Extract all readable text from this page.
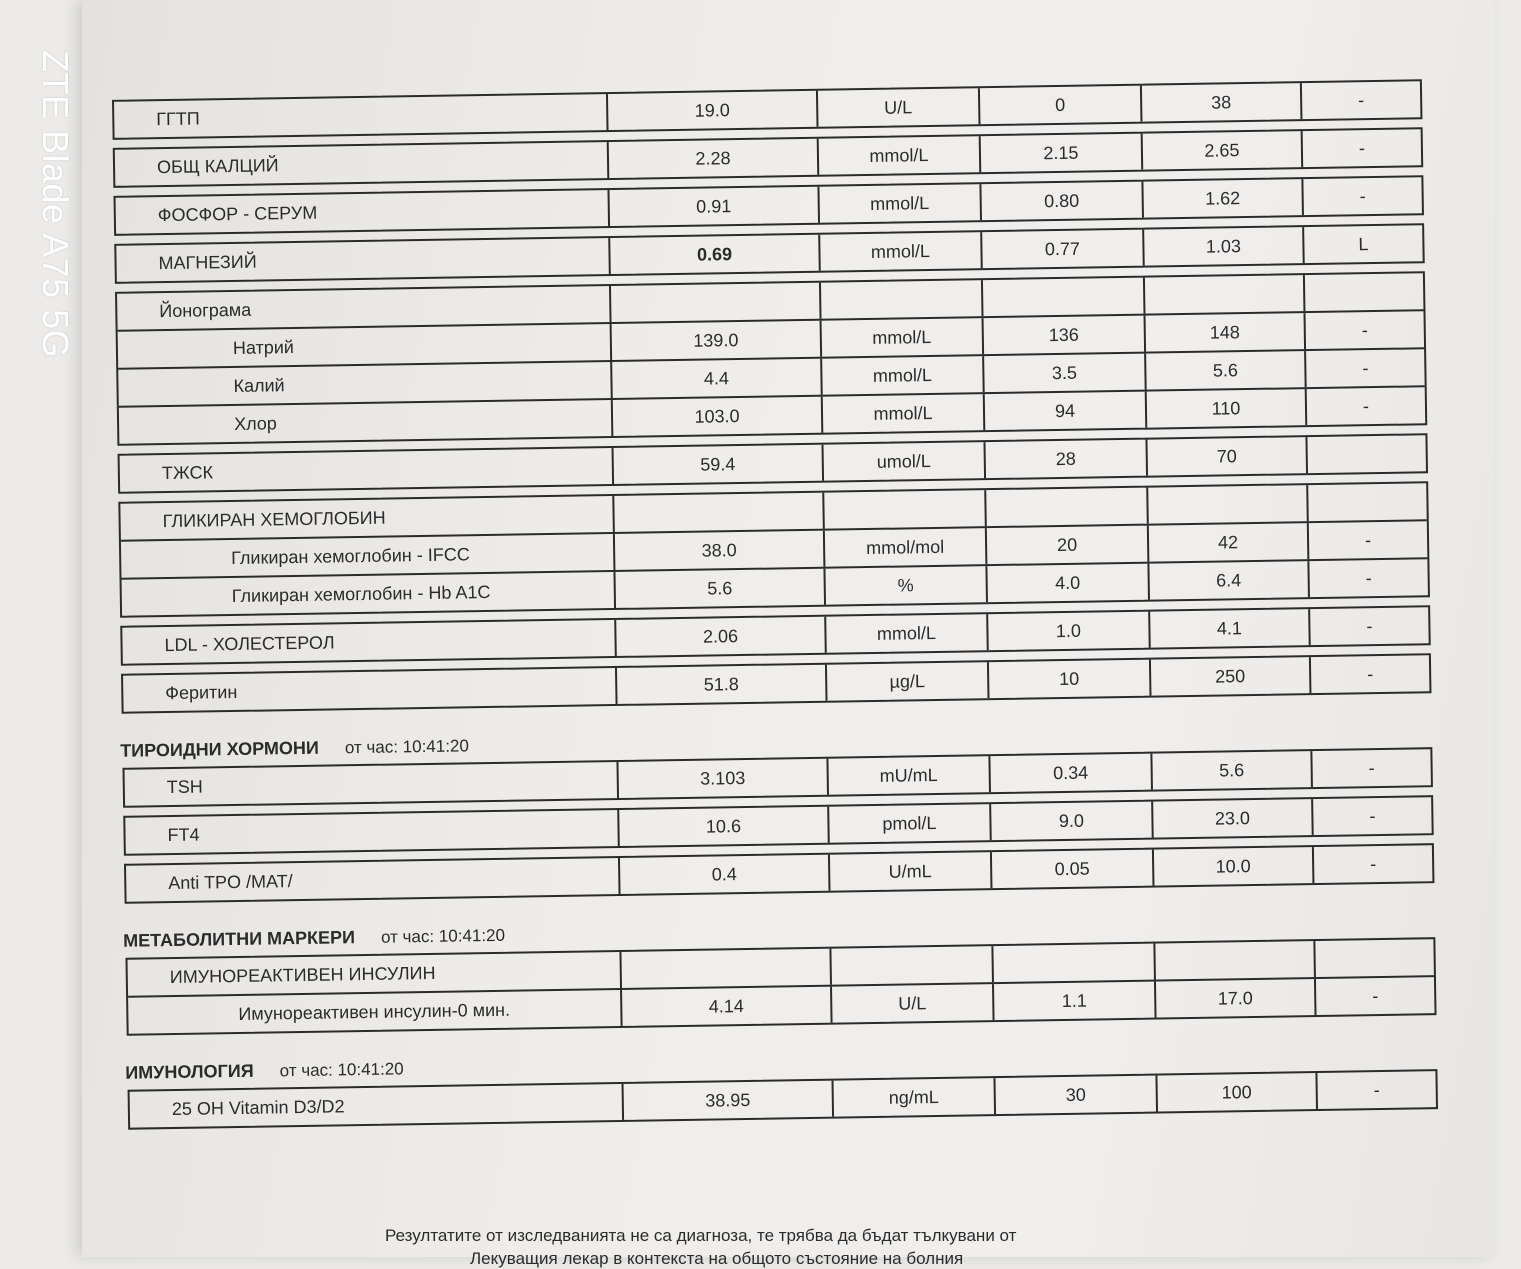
ZTE Blade A75 5G	ГГТП	19.0	U/L	0	38	-
ОБЩ КАЛЦИЙ	2.28	mmol/L	2.15	2.65	-
ФОСФОР - СЕРУМ	0.91	mmol/L	0.80	1.62	-
МАГНЕЗИЙ	0.69	mmol/L	0.77	1.03	L
Йонограма
Натрий	139.0	mmol/L	136	148	-
Калий	4.4	mmol/L	3.5	5.6	-
Хлор	103.0	mmol/L	94	110	-
ТЖСК	59.4	umol/L	28	70
ГЛИКИРАН ХЕМОГЛОБИН
Гликиран хемоглобин - IFCC	38.0	mmol/mol	20	42	-
Гликиран хемоглобин - Hb A1C	5.6	%	4.0	6.4	-
LDL - ХОЛЕСТЕРОЛ	2.06	mmol/L	1.0	4.1	-
Феритин	51.8	µg/L	10	250	-
ТИРОИДНИ ХОРМОНИ от час: 10:41:20
TSH	3.103	mU/mL	0.34	5.6	-
FT4	10.6	pmol/L	9.0	23.0	-
Anti TPO /MAT/	0.4	U/mL	0.05	10.0	-
МЕТАБОЛИТНИ МАРКЕРИ от час: 10:41:20
ИМУНОРЕАКТИВЕН ИНСУЛИН
Имунореактивен инсулин-0 мин.	4.14	U/L	1.1	17.0	-
ИМУНОЛОГИЯ от час: 10:41:20
25 OH Vitamin D3/D2	38.95	ng/mL	30	100	-
Резултатите от изследванията не са диагноза, те трябва да бъдат тълкувани от
Лекуващия лекар в контекста на общото състояние на болния
